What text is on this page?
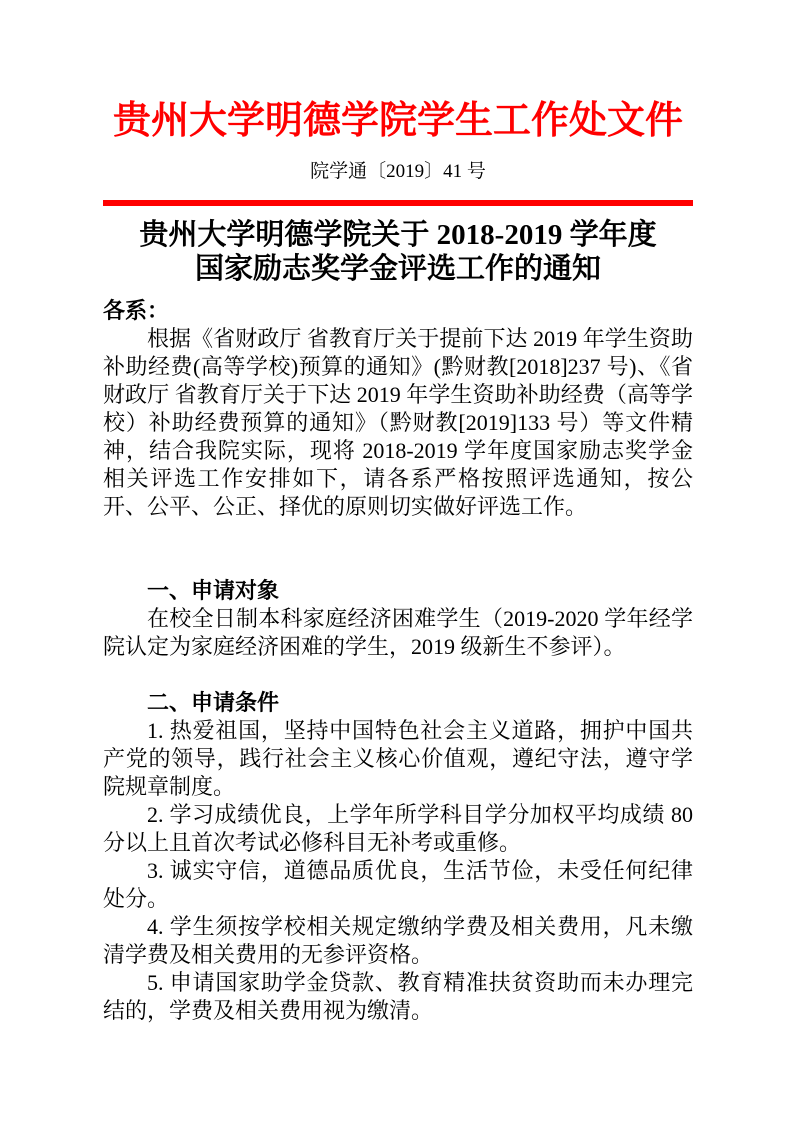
贵州大学明德学院学生工作处文件
院学通〔2019〕41 号
贵州大学明德学院关于 2018-2019 学年度
国家励志奖学金评选工作的通知

各系：

根据《省财政厅 省教育厅关于提前下达 2019 年学生资助补助经费(高等学校)预算的通知》(黔财教[2018]237 号)、《省财政厅 省教育厅关于下达 2019 年学生资助补助经费（高等学校）补助经费预算的通知》（黔财教[2019]133 号）等文件精神，结合我院实际，现将 2018-2019 学年度国家励志奖学金相关评选工作安排如下，请各系严格按照评选通知，按公开、公平、公正、择优的原则切实做好评选工作。

一、申请对象

在校全日制本科家庭经济困难学生（2019-2020 学年经学院认定为家庭经济困难的学生，2019 级新生不参评）。

二、申请条件

1. 热爱祖国，坚持中国特色社会主义道路，拥护中国共产党的领导，践行社会主义核心价值观，遵纪守法，遵守学院规章制度。

2. 学习成绩优良，上学年所学科目学分加权平均成绩 80 分以上且首次考试必修科目无补考或重修。

3. 诚实守信，道德品质优良，生活节俭，未受任何纪律处分。

4. 学生须按学校相关规定缴纳学费及相关费用，凡未缴清学费及相关费用的无参评资格。

5. 申请国家助学金贷款、教育精准扶贫资助而未办理完结的，学费及相关费用视为缴清。
